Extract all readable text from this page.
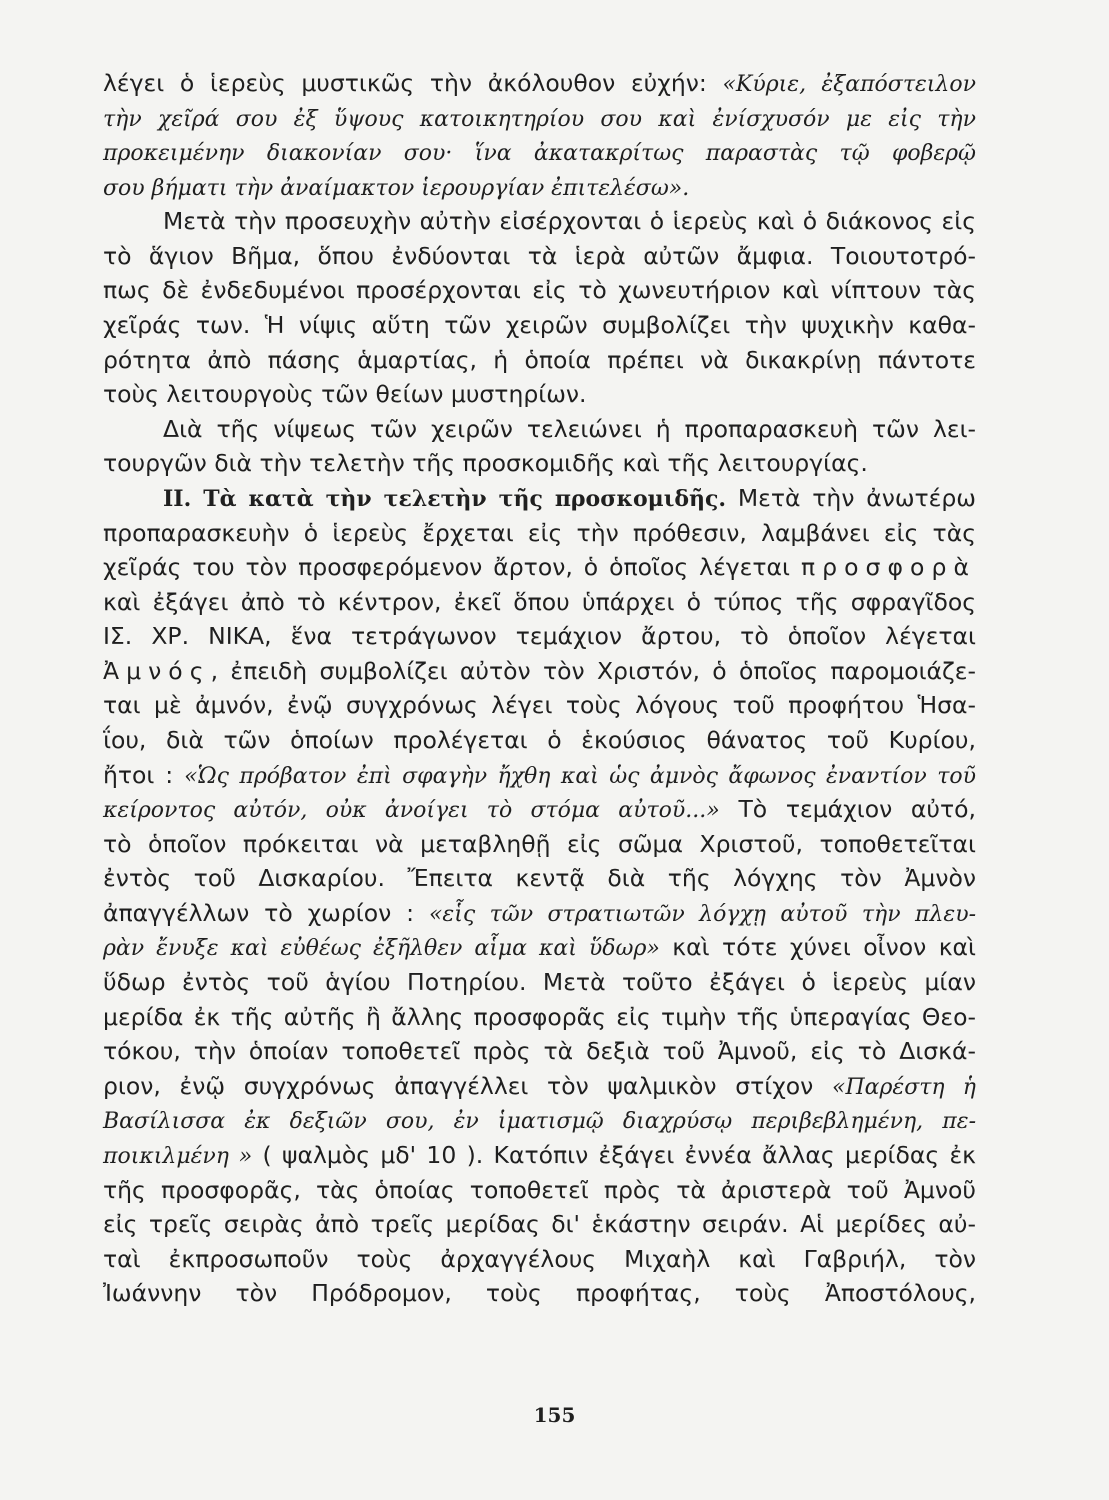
λέγει ὁ ἱερεὺς μυστικῶς τὴν ἀκόλουθον εὐχήν: «Κύριε, ἐξαπόστειλον
τὴν χεῖρά σου ἐξ ὕψους κατοικητηρίου σου καὶ ἐνίσχυσόν με εἰς τὴν
προκειμένην διακονίαν σου· ἵνα ἀκατακρίτως παραστὰς τῷ φοβερῷ
σου βήματι τὴν ἀναίμακτον ἱερουργίαν ἐπιτελέσω».
Μετὰ τὴν προσευχὴν αὐτὴν εἰσέρχονται ὁ ἱερεὺς καὶ ὁ διάκονος εἰς
τὸ ἅγιον Βῆμα, ὅπου ἐνδύονται τὰ ἱερὰ αὐτῶν ἄμφια. Τοιουτοτρό-
πως δὲ ἐνδεδυμένοι προσέρχονται εἰς τὸ χωνευτήριον καὶ νίπτουν τὰς
χεῖράς των. Ἡ νίψις αὕτη τῶν χειρῶν συμβολίζει τὴν ψυχικὴν καθα-
ρότητα ἀπὸ πάσης ἁμαρτίας, ἡ ὁποία πρέπει νὰ δικακρίνῃ πάντοτε
τοὺς λειτουργοὺς τῶν θείων μυστηρίων.
Διὰ τῆς νίψεως τῶν χειρῶν τελειώνει ἡ προπαρασκευὴ τῶν λει-
τουργῶν διὰ τὴν τελετὴν τῆς προσκομιδῆς καὶ τῆς λειτουργίας.
ΙΙ. Τὰ κατὰ τὴν τελετὴν τῆς προσκομιδῆς. Μετὰ τὴν ἀνωτέρω
προπαρασκευὴν ὁ ἱερεὺς ἔρχεται εἰς τὴν πρόθεσιν, λαμβάνει εἰς τὰς
χεῖράς του τὸν προσφερόμενον ἄρτον, ὁ ὁποῖος λέγεται προσφορὰ
καὶ ἐξάγει ἀπὸ τὸ κέντρον, ἐκεῖ ὅπου ὑπάρχει ὁ τύπος τῆς σφραγῖδος
ΙΣ. ΧΡ. ΝΙΚΑ, ἕνα τετράγωνον τεμάχιον ἄρτου, τὸ ὁποῖον λέγεται
Ἀμνός, ἐπειδὴ συμβολίζει αὐτὸν τὸν Χριστόν, ὁ ὁποῖος παρομοιάζε-
ται μὲ ἀμνόν, ἐνῷ συγχρόνως λέγει τοὺς λόγους τοῦ προφήτου Ἡσα-
ΐου, διὰ τῶν ὁποίων προλέγεται ὁ ἑκούσιος θάνατος τοῦ Κυρίου,
ἤτοι : «Ὡς πρόβατον ἐπὶ σφαγὴν ἤχθη καὶ ὡς ἀμνὸς ἄφωνος ἐναντίον τοῦ
κείροντος αὐτόν, οὐκ ἀνοίγει τὸ στόμα αὐτοῦ...» Τὸ τεμάχιον αὐτό,
τὸ ὁποῖον πρόκειται νὰ μεταβληθῇ εἰς σῶμα Χριστοῦ, τοποθετεῖται
ἐντὸς τοῦ Δισκαρίου. Ἔπειτα κεντᾷ διὰ τῆς λόγχης τὸν Ἀμνὸν
ἀπαγγέλλων τὸ χωρίον : «εἷς τῶν στρατιωτῶν λόγχῃ αὐτοῦ τὴν πλευ-
ρὰν ἔνυξε καὶ εὐθέως ἐξῆλθεν αἷμα καὶ ὕδωρ» καὶ τότε χύνει οἶνον καὶ
ὕδωρ ἐντὸς τοῦ ἁγίου Ποτηρίου. Μετὰ τοῦτο ἐξάγει ὁ ἱερεὺς μίαν
μερίδα ἐκ τῆς αὐτῆς ἢ ἄλλης προσφορᾶς εἰς τιμὴν τῆς ὑπεραγίας Θεο-
τόκου, τὴν ὁποίαν τοποθετεῖ πρὸς τὰ δεξιὰ τοῦ Ἀμνοῦ, εἰς τὸ Δισκά-
ριον, ἐνῷ συγχρόνως ἀπαγγέλλει τὸν ψαλμικὸν στίχον «Παρέστη ἡ
Βασίλισσα ἐκ δεξιῶν σου, ἐν ἱματισμῷ διαχρύσῳ περιβεβλημένη, πε-
ποικιλμένη » ( ψαλμὸς μδ' 10 ). Κατόπιν ἐξάγει ἐννέα ἄλλας μερίδας ἐκ
τῆς προσφορᾶς, τὰς ὁποίας τοποθετεῖ πρὸς τὰ ἀριστερὰ τοῦ Ἀμνοῦ
εἰς τρεῖς σειρὰς ἀπὸ τρεῖς μερίδας δι' ἑκάστην σειράν. Αἱ μερίδες αὐ-
ταὶ ἐκπροσωποῦν τοὺς ἀρχαγγέλους Μιχαὴλ καὶ Γαβριήλ, τὸν
Ἰωάννην τὸν Πρόδρομον, τοὺς προφήτας, τοὺς Ἀποστόλους,
155
